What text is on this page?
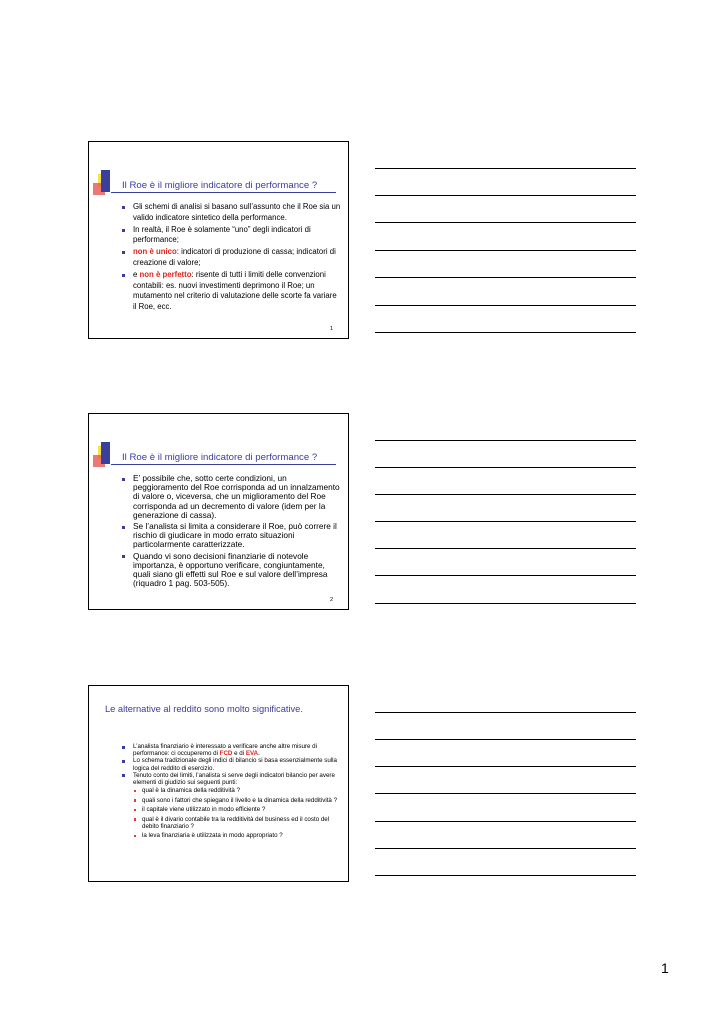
Il Roe è il migliore indicatore di performance ?
Gli schemi di analisi si basano sull’assunto che il Roe sia un valido indicatore sintetico della performance.
In realtà, il Roe è solamente “uno” degli indicatori di performance;
non è unico: indicatori di produzione di cassa; indicatori di creazione di valore;
e non è perfetto: risente di tutti i limiti delle convenzioni contabili: es. nuovi investimenti deprimono il Roe; un mutamento nel criterio di valutazione delle scorte fa variare il Roe, ecc.
1
Il Roe è il migliore indicatore di performance ?
E’ possibile che, sotto certe condizioni, un peggioramento del Roe corrisponda ad un innalzamento di valore o, viceversa, che un miglioramento del Roe corrisponda ad un decremento di valore (idem per la generazione di cassa).
Se l’analista si limita a considerare il Roe, può correre il rischio di giudicare in modo errato situazioni particolarmente caratterizzate.
Quando vi sono decisioni finanziarie di notevole importanza, è opportuno verificare, congiuntamente, quali siano gli effetti sul Roe e sul valore dell’impresa (riquadro 1 pag. 503-505).
2
Le alternative al reddito sono molto significative.
L’analista finanziario è interessato a verificare anche altre misure di performance: ci occuperemo di FCD e di EVA.
Lo schema tradizionale degli indici di bilancio si basa essenzialmente sulla logica del reddito di esercizio.
Tenuto conto dei limiti, l’analista si serve degli indicatori bilancio per avere elementi di giudizio sui seguenti punti:
qual è la dinamica della redditività ?
quali sono i fattori che spiegano il livello e la dinamica della redditività ?
il capitale viene utilizzato in modo efficiente ?
qual è il divario contabile tra la redditività del business ed il costo del debito finanziario ?
la leva finanziaria è utilizzata in modo appropriato ?
1
